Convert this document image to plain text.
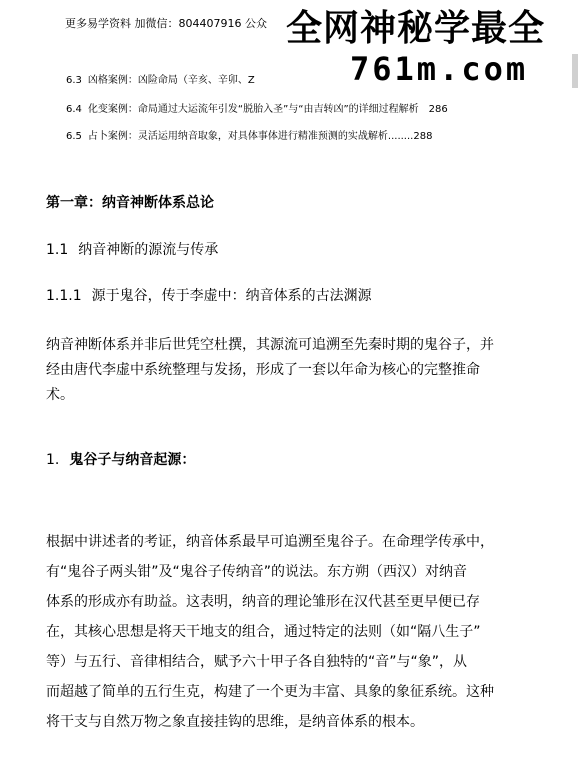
更多易学资料 加微信：804407916 公众 全网神秘学最全
761m.com
6.3 凶格案例：凶险命局（辛亥、辛卯、Z
6.4 化变案例：命局通过大运流年引发“脱胎入圣”与“由吉转凶”的详细过程解析 286
6.5 占卜案例：灵活运用纳音取象，对具体事体进行精准预测的实战解析........288
第一章：纳音神断体系总论
1.1 纳音神断的源流与传承
1.1.1 源于鬼谷，传于李虚中：纳音体系的古法渊源
纳音神断体系并非后世凭空杜撰，其源流可追溯至先秦时期的鬼谷子，并
经由唐代李虚中系统整理与发扬，形成了一套以年命为核心的完整推命
术。
1. 鬼谷子与纳音起源：
根据中讲述者的考证，纳音体系最早可追溯至鬼谷子。在命理学传承中，
有“鬼谷子两头钳”及“鬼谷子传纳音”的说法。东方朔（西汉）对纳音
体系的形成亦有助益。这表明，纳音的理论雏形在汉代甚至更早便已存
在，其核心思想是将天干地支的组合，通过特定的法则（如“隔八生子”
等）与五行、音律相结合，赋予六十甲子各自独特的“音”与“象”，从
而超越了简单的五行生克，构建了一个更为丰富、具象的象征系统。这种
将干支与自然万物之象直接挂钩的思维，是纳音体系的根本。
